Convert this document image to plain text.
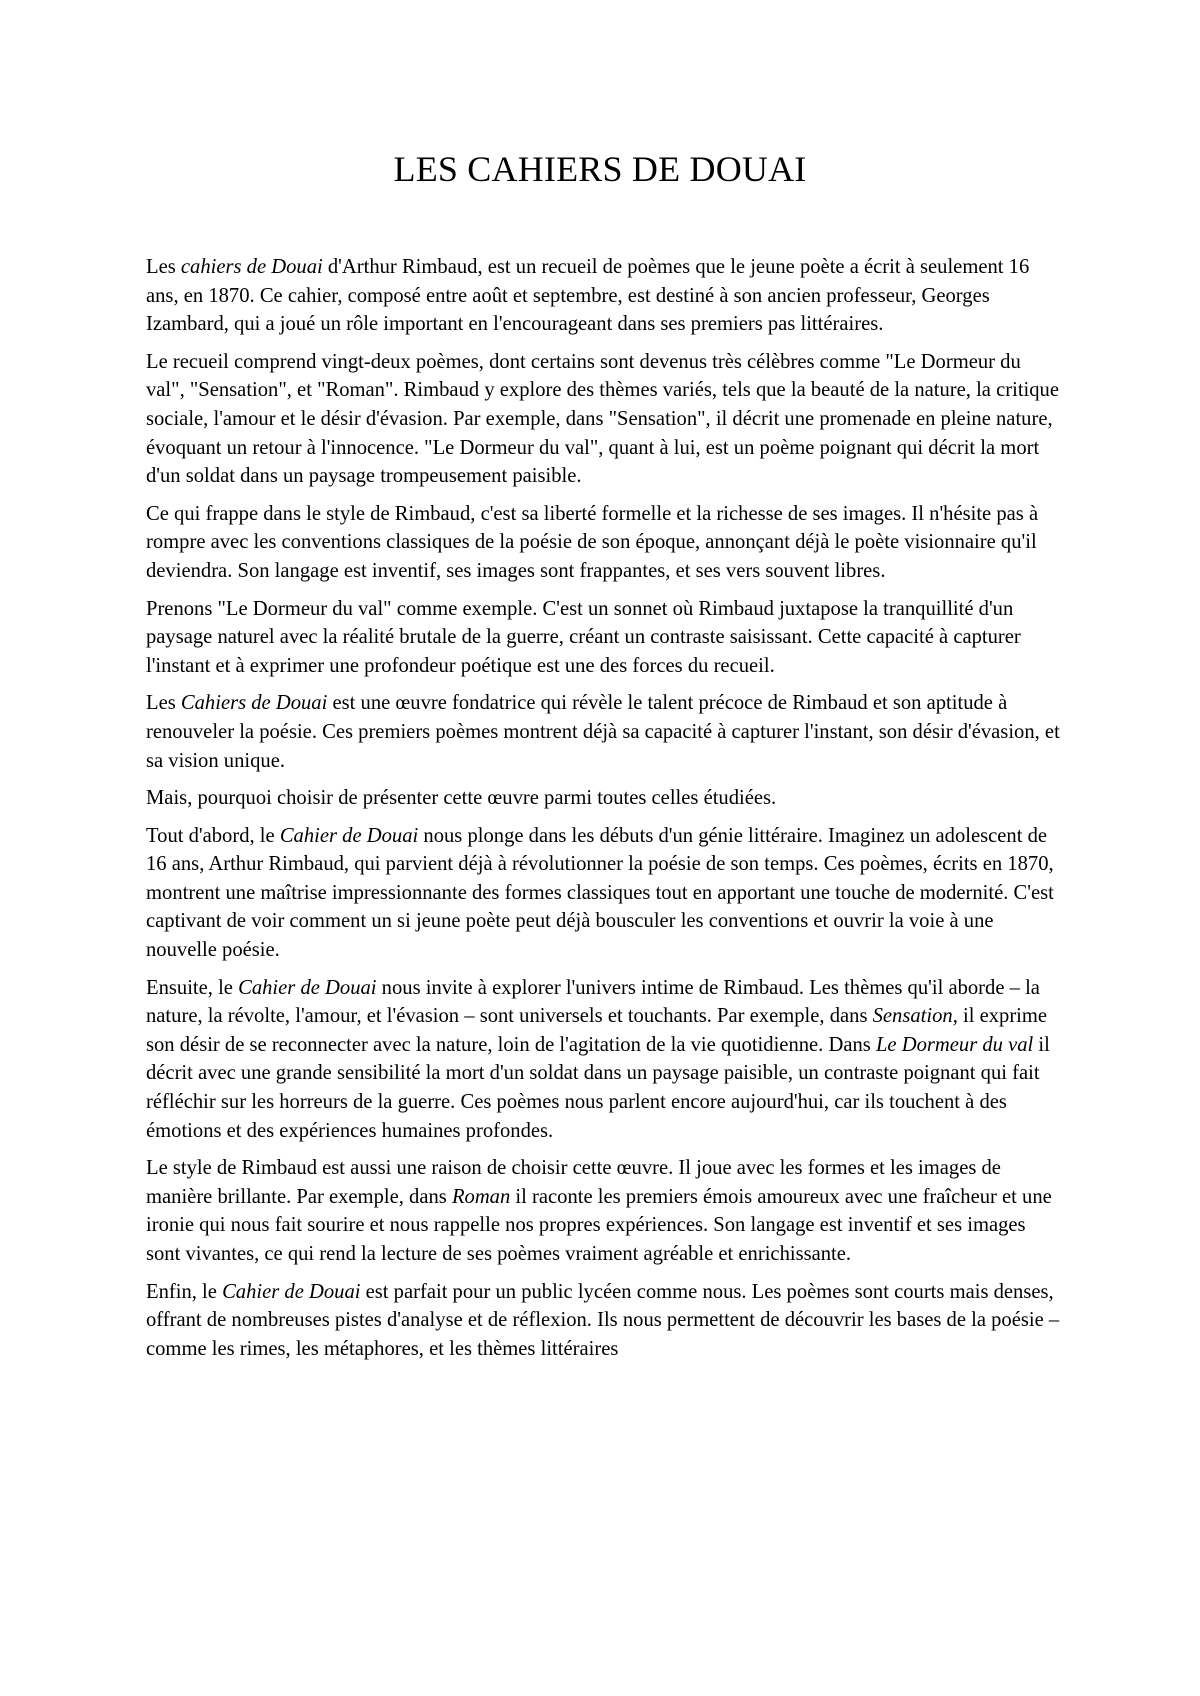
LES CAHIERS DE DOUAI

Les cahiers de Douai d'Arthur Rimbaud, est un recueil de poèmes que le jeune poète a écrit à seulement 16 ans, en 1870. Ce cahier, composé entre août et septembre, est destiné à son ancien professeur, Georges Izambard, qui a joué un rôle important en l'encourageant dans ses premiers pas littéraires.

Le recueil comprend vingt-deux poèmes, dont certains sont devenus très célèbres comme "Le Dormeur du val", "Sensation", et "Roman". Rimbaud y explore des thèmes variés, tels que la beauté de la nature, la critique sociale, l'amour et le désir d'évasion. Par exemple, dans "Sensation", il décrit une promenade en pleine nature, évoquant un retour à l'innocence. "Le Dormeur du val", quant à lui, est un poème poignant qui décrit la mort d'un soldat dans un paysage trompeusement paisible.

Ce qui frappe dans le style de Rimbaud, c'est sa liberté formelle et la richesse de ses images. Il n'hésite pas à rompre avec les conventions classiques de la poésie de son époque, annonçant déjà le poète visionnaire qu'il deviendra. Son langage est inventif, ses images sont frappantes, et ses vers souvent libres.

Prenons "Le Dormeur du val" comme exemple. C'est un sonnet où Rimbaud juxtapose la tranquillité d'un paysage naturel avec la réalité brutale de la guerre, créant un contraste saisissant. Cette capacité à capturer l'instant et à exprimer une profondeur poétique est une des forces du recueil.

Les Cahiers de Douai est une œuvre fondatrice qui révèle le talent précoce de Rimbaud et son aptitude à renouveler la poésie. Ces premiers poèmes montrent déjà sa capacité à capturer l'instant, son désir d'évasion, et sa vision unique.

Mais, pourquoi choisir de présenter cette œuvre parmi toutes celles étudiées.

Tout d'abord, le Cahier de Douai nous plonge dans les débuts d'un génie littéraire. Imaginez un adolescent de 16 ans, Arthur Rimbaud, qui parvient déjà à révolutionner la poésie de son temps. Ces poèmes, écrits en 1870, montrent une maîtrise impressionnante des formes classiques tout en apportant une touche de modernité. C'est captivant de voir comment un si jeune poète peut déjà bousculer les conventions et ouvrir la voie à une nouvelle poésie.

Ensuite, le Cahier de Douai nous invite à explorer l'univers intime de Rimbaud. Les thèmes qu'il aborde – la nature, la révolte, l'amour, et l'évasion – sont universels et touchants. Par exemple, dans Sensation, il exprime son désir de se reconnecter avec la nature, loin de l'agitation de la vie quotidienne. Dans Le Dormeur du val il décrit avec une grande sensibilité la mort d'un soldat dans un paysage paisible, un contraste poignant qui fait réfléchir sur les horreurs de la guerre. Ces poèmes nous parlent encore aujourd'hui, car ils touchent à des émotions et des expériences humaines profondes.

Le style de Rimbaud est aussi une raison de choisir cette œuvre. Il joue avec les formes et les images de manière brillante. Par exemple, dans Roman il raconte les premiers émois amoureux avec une fraîcheur et une ironie qui nous fait sourire et nous rappelle nos propres expériences. Son langage est inventif et ses images sont vivantes, ce qui rend la lecture de ses poèmes vraiment agréable et enrichissante.

Enfin, le Cahier de Douai est parfait pour un public lycéen comme nous. Les poèmes sont courts mais denses, offrant de nombreuses pistes d'analyse et de réflexion. Ils nous permettent de découvrir les bases de la poésie – comme les rimes, les métaphores, et les thèmes littéraires
